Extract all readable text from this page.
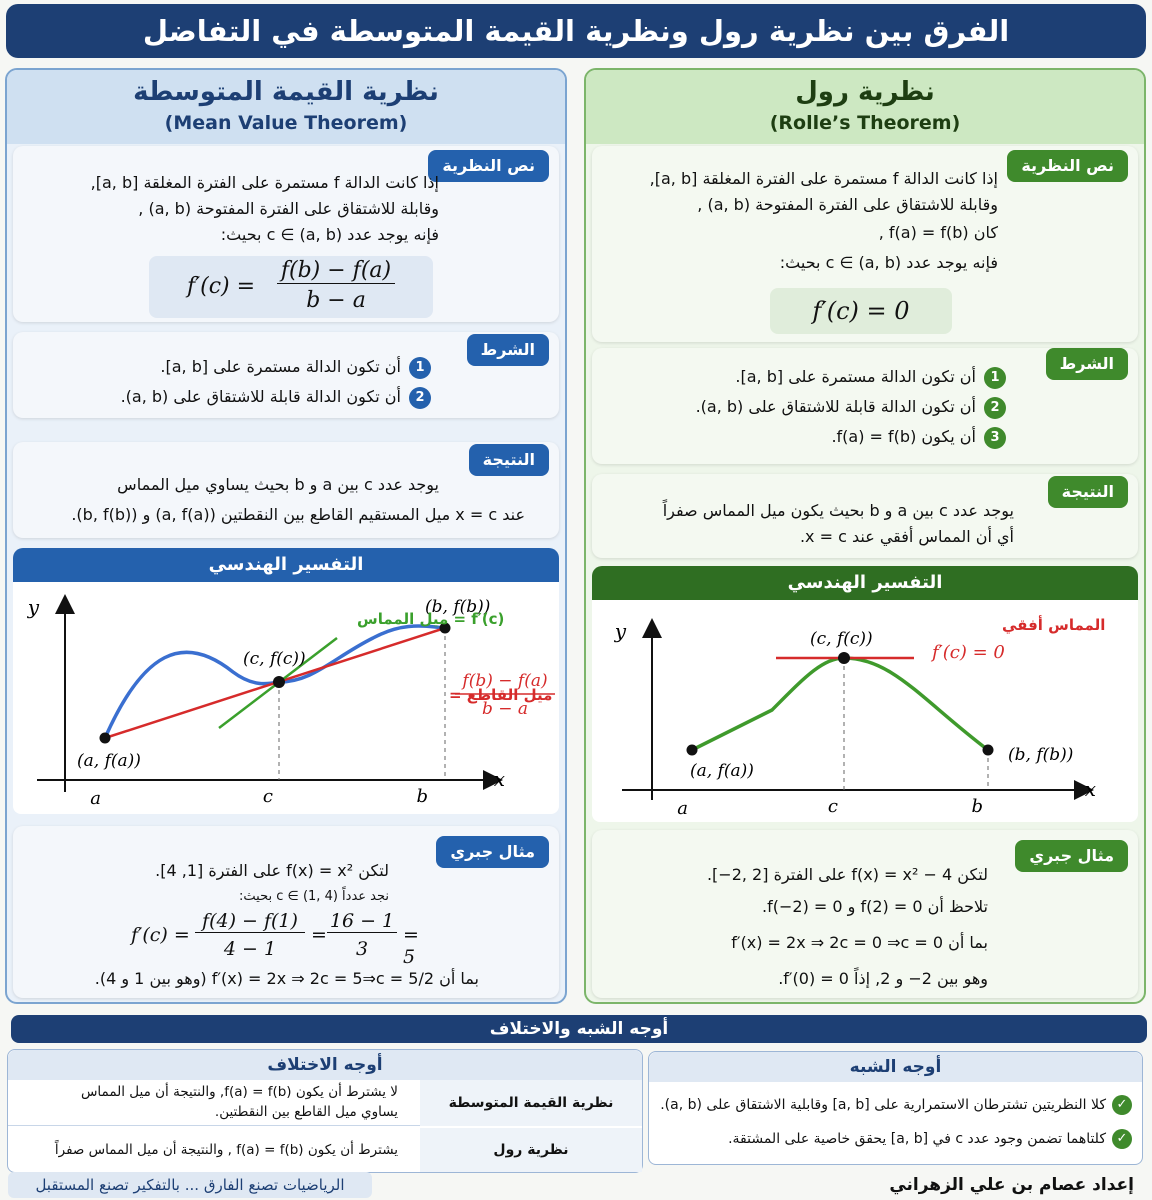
الفرق بين نظرية رول ونظرية القيمة المتوسطة في التفاضل
نظرية رول
(Rolle’s Theorem)
نص النظرية
إذا كانت الدالة f مستمرة على الفترة المغلقة [a, b],
وقابلة للاشتقاق على الفترة المفتوحة (a, b) ,
كان f(a) = f(b) ,
فإنه يوجد عدد c ∈ (a, b) بحيث:
f′(c) = 0
الشرط
1أن تكون الدالة مستمرة على [a, b].
2أن تكون الدالة قابلة للاشتقاق على (a, b).
3أن يكون f(a) = f(b).
النتيجة
يوجد عدد c بين a و b بحيث يكون ميل المماس صفراً
أي أن المماس أفقي عند x = c.
التفسير الهندسي
y
x
a	c	b
(a, f(a))
(b, f(b))
(c, f(c))
المماس أفقي
f′(c) = 0
مثال جبري
لتكن f(x) = x² − 4 على الفترة [2 ,2−].
تلاحظ أن f(2) = 0 و f(−2) = 0.
بما أن f′(x) = 2x ⇒ 2c = 0 ⇒c = 0
وهو بين 2− و 2, إذاً f′(0) = 0.
نظرية القيمة المتوسطة
(Mean Value Theorem)
نص النظرية
إذا كانت الدالة f مستمرة على الفترة المغلقة [a, b],
وقابلة للاشتقاق على الفترة المفتوحة (a, b) ,
فإنه يوجد عدد c ∈ (a, b) بحيث:
f′(c) =
f(b) − f(a)
b − a
الشرط
1أن تكون الدالة مستمرة على [a, b].
2أن تكون الدالة قابلة للاشتقاق على (a, b).
النتيجة
يوجد عدد c بين a و b بحيث يساوي ميل المماس
عند x = c ميل المستقيم القاطع بين النقطتين (a, f(a)) و (b, f(b)).
التفسير الهندسي
y
x
a	c	b
(a, f(a))
(b, f(b))
(c, f(c))
f′(c) = ميل المماس
ميل القاطع =
f(b) − f(a)
b − a
مثال جبري
لتكن f(x) = x² على الفترة [1, 4].
نجد عدداً c ∈ (1, 4) بحيث:
f′(c) =
f(4) − f(1)
4 − 1
=
16 − 1
3
= 5
بما أن f′(x) = 2x ⇒ 2c = 5⇒c = 5/2 (وهو بين 1 و 4).
أوجه الشبه والاختلاف
أوجه الشبه
✓كلا النظريتين تشترطان الاستمرارية على [a, b] وقابلية الاشتقاق على (a, b).
✓كلتاهما تضمن وجود عدد c في [a, b] يحقق خاصية على المشتقة.
أوجه الاختلاف
نظرية القيمة المتوسطة
لا يشترط أن يكون f(a) = f(b), والنتيجة أن ميل المماس
يساوي ميل القاطع بين النقطتين.
نظرية رول
يشترط أن يكون f(a) = f(b) , والنتيجة أن ميل المماس صفراً
الرياضيات تصنع الفارق ... بالتفكير تصنع المستقبل	إعداد عصام بن علي الزهراني
